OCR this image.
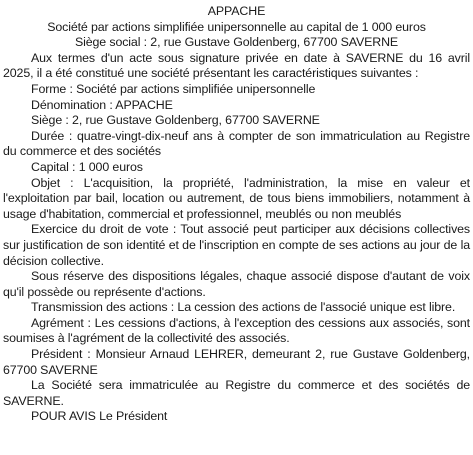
APPACHE

Société par actions simplifiée unipersonnelle au capital de 1 000 euros

Siège social : 2, rue Gustave Goldenberg, 67700 SAVERNE

Aux termes d'un acte sous signature privée en date à SAVERNE du 16 avril 2025, il a été constitué une société présentant les caractéristiques suivantes :

Forme : Société par actions simplifiée unipersonnelle

Dénomination : APPACHE

Siège : 2, rue Gustave Goldenberg, 67700 SAVERNE

Durée : quatre-vingt-dix-neuf ans à compter de son immatriculation au Registre du commerce et des sociétés

Capital : 1 000 euros

Objet : L'acquisition, la propriété, l'administration, la mise en valeur et l'exploitation par bail, location ou autrement, de tous biens immobiliers, notamment à usage d'habitation, commercial et professionnel, meublés ou non meublés

Exercice du droit de vote : Tout associé peut participer aux décisions collectives sur justification de son identité et de l'inscription en compte de ses actions au jour de la décision collective.

Sous réserve des dispositions légales, chaque associé dispose d'autant de voix qu'il possède ou représente d'actions.

Transmission des actions : La cession des actions de l'associé unique est libre.

Agrément : Les cessions d'actions, à l'exception des cessions aux associés, sont soumises à l'agrément de la collectivité des associés.

Président : Monsieur Arnaud LEHRER, demeurant 2, rue Gustave Goldenberg, 67700 SAVERNE

La Société sera immatriculée au Registre du commerce et des sociétés de SAVERNE.

POUR AVIS Le Président
